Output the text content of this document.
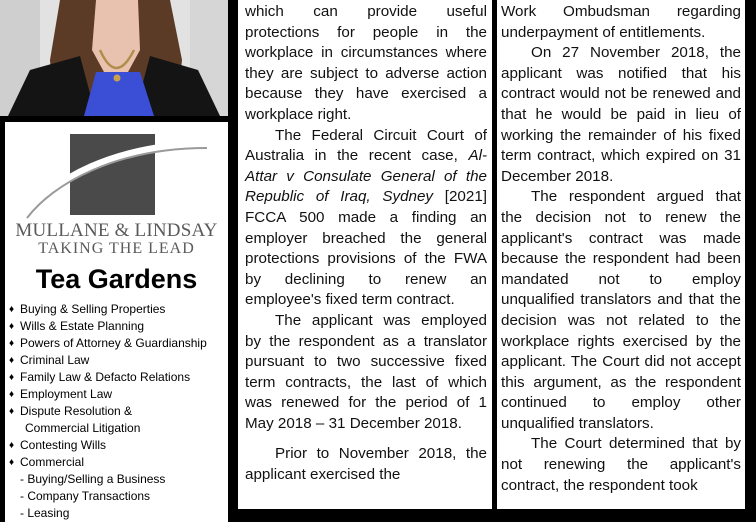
MULLANE & LINDSAY
TAKING THE LEAD
Tea Gardens
♦ Buying & Selling Properties
♦ Wills & Estate Planning
♦ Powers of Attorney & Guardianship
♦ Criminal Law
♦ Family Law & Defacto Relations
♦ Employment Law
♦ Dispute Resolution &
Commercial Litigation
♦ Contesting Wills
♦ Commercial
- Buying/Selling a Business
- Company Transactions
- Leasing

which can provide useful protections for people in the workplace in circumstances where they are subject to adverse action because they have exercised a workplace right.

The Federal Circuit Court of Australia in the recent case, Al-Attar v Consulate General of the Republic of Iraq, Sydney [2021] FCCA 500 made a finding an employer breached the general protections provisions of the FWA by declining to renew an employee's fixed term contract.

The applicant was employed by the respondent as a translator pursuant to two successive fixed term contracts, the last of which was renewed for the period of 1 May 2018 – 31 December 2018.

Prior to November 2018, the applicant exercised the

Work Ombudsman regarding underpayment of entitlements.

On 27 November 2018, the applicant was notified that his contract would not be renewed and that he would be paid in lieu of working the remainder of his fixed term contract, which expired on 31 December 2018.

The respondent argued that the decision not to renew the applicant's contract was made because the respondent had been mandated not to employ unqualified translators and that the decision was not related to the workplace rights exercised by the applicant. The Court did not accept this argument, as the respondent continued to employ other unqualified translators.

The Court determined that by not renewing the applicant's contract, the respondent took
